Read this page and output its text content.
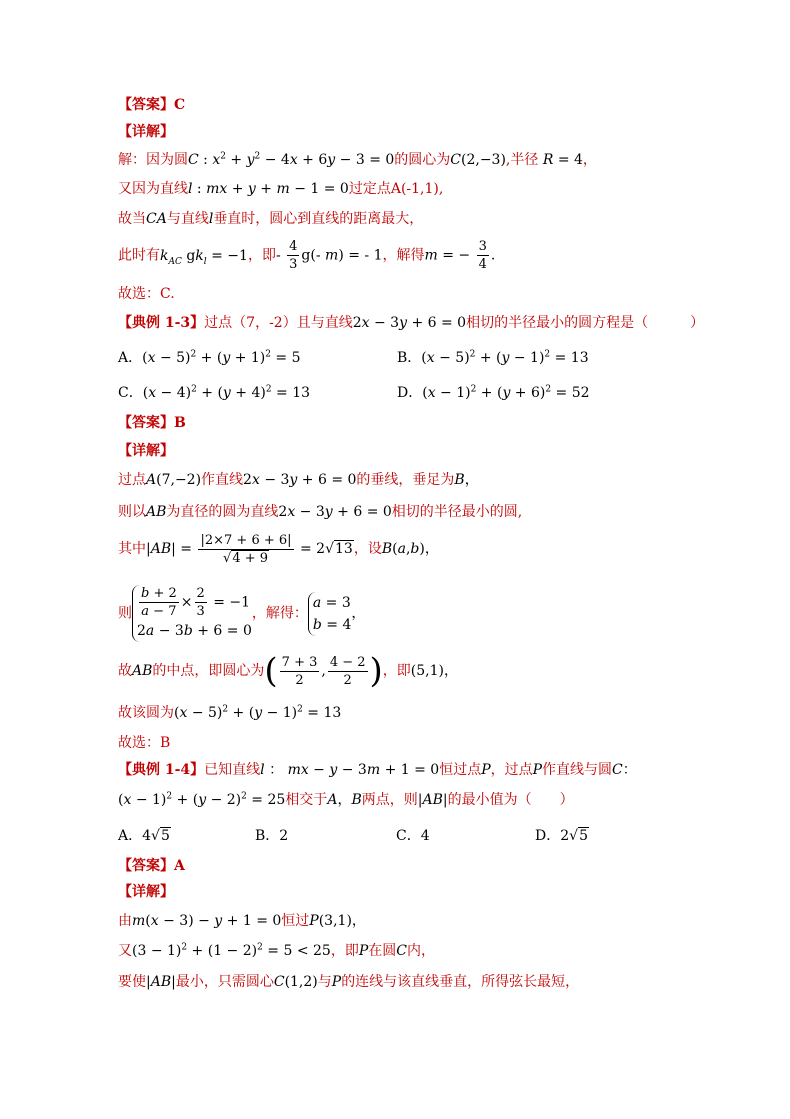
【答案】C
【详解】
解：因为圆C : $x^2 + y^2 - 4x + 6y - 3 = 0$的圆心为C(2,−3),半径 R = 4，
又因为直线l : mx + y + m − 1 = 0过定点A(-1,1),
故当CA与直线l垂直时，圆心到直线的距离最大，
此时有$k_{AC}$ $gk_l = -1$，即- $\frac{4}{3} g(-$ m) = - 1，解得m = − $\frac{3}{4}$ .
故选：C.
【典例 1-3】过点（7，-2）且与直线2x − 3y + 6 = 0相切的半径最小的圆方程是（　　　）
A．$(x - 5)^2 + (y + 1)^2 = 5$	B．$(x - 5)^2 + (y - 1)^2 = 13$
C．$(x - 4)^2 + (y + 4)^2 = 13$	D．$(x - 1)^2 + (y + 6)^2 = 52$
【答案】B
【详解】
过点A(7,−2)作直线2x − 3y + 6 = 0的垂线，垂足为B，
则以AB为直径的圆为直线2x − 3y + 6 = 0相切的半径最小的圆,
其中$|AB| = \frac{|2\times 7 + 6 + 6|}{√4 + 9} = 2√13$，设B(a,b)，
则 $\frac{b + 2}{a - 7} \times \frac{2}{3} = -1$
2a − 3b + 6 = 0
，解得：
a = 3
b = 4
，
故AB的中点，即圆心为( $\frac{7 + 3}{2}$ , $\frac{4 - 2}{2}$ )，即(5,1)，
故该圆为$(x - 5)^2 + (y - 1)^2 = 13$
故选：B
【典例 1-4】已知直线l ： mx − y − 3m + 1 = 0恒过点P，过点P作直线与圆C：
$(x - 1)^2 + (y - 2)^2 = 25$相交于A，B两点，则|AB|的最小值为（　　）
A．4√5	B．2	C．4	D．2√5
【答案】A
【详解】
由m(x − 3) − y + 1 = 0恒过P(3,1)，
又$(3 - 1)^2 + (1 - 2)^2 = 5 < 25$，即P在圆C内，
要使|AB|最小，只需圆心C(1,2)与P的连线与该直线垂直，所得弦长最短，
